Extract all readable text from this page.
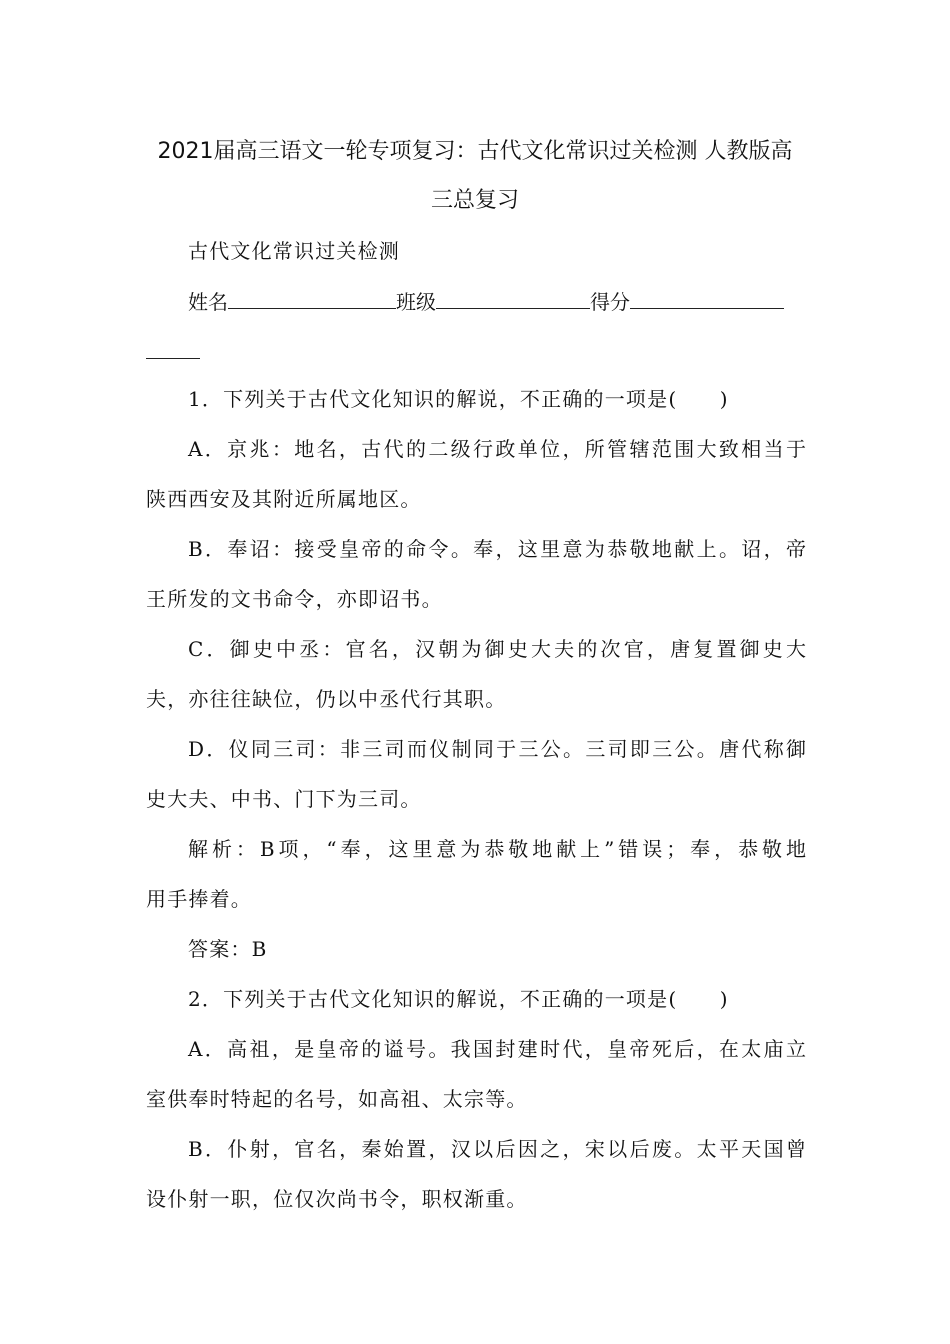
2021届高三语文一轮专项复习：古代文化常识过关检测 人教版高
三总复习
古代文化常识过关检测
姓名	班级	得分
1．下列关于古代文化知识的解说，不正确的一项是(　　)
A．京兆：地名，古代的二级行政单位，所管辖范围大致相当于
陕西西安及其附近所属地区。
B．奉诏：接受皇帝的命令。奉，这里意为恭敬地献上。诏，帝
王所发的文书命令，亦即诏书。
C．御史中丞：官名，汉朝为御史大夫的次官，唐复置御史大
夫，亦往往缺位，仍以中丞代行其职。
D．仪同三司：非三司而仪制同于三公。三司即三公。唐代称御
史大夫、中书、门下为三司。
解析：B项，“奉，这里意为恭敬地献上”错误；奉，恭敬地
用手捧着。
答案：B
2．下列关于古代文化知识的解说，不正确的一项是(　　)
A．高祖，是皇帝的谥号。我国封建时代，皇帝死后，在太庙立
室供奉时特起的名号，如高祖、太宗等。
B．仆射，官名，秦始置，汉以后因之，宋以后废。太平天国曾
设仆射一职，位仅次尚书令，职权渐重。
